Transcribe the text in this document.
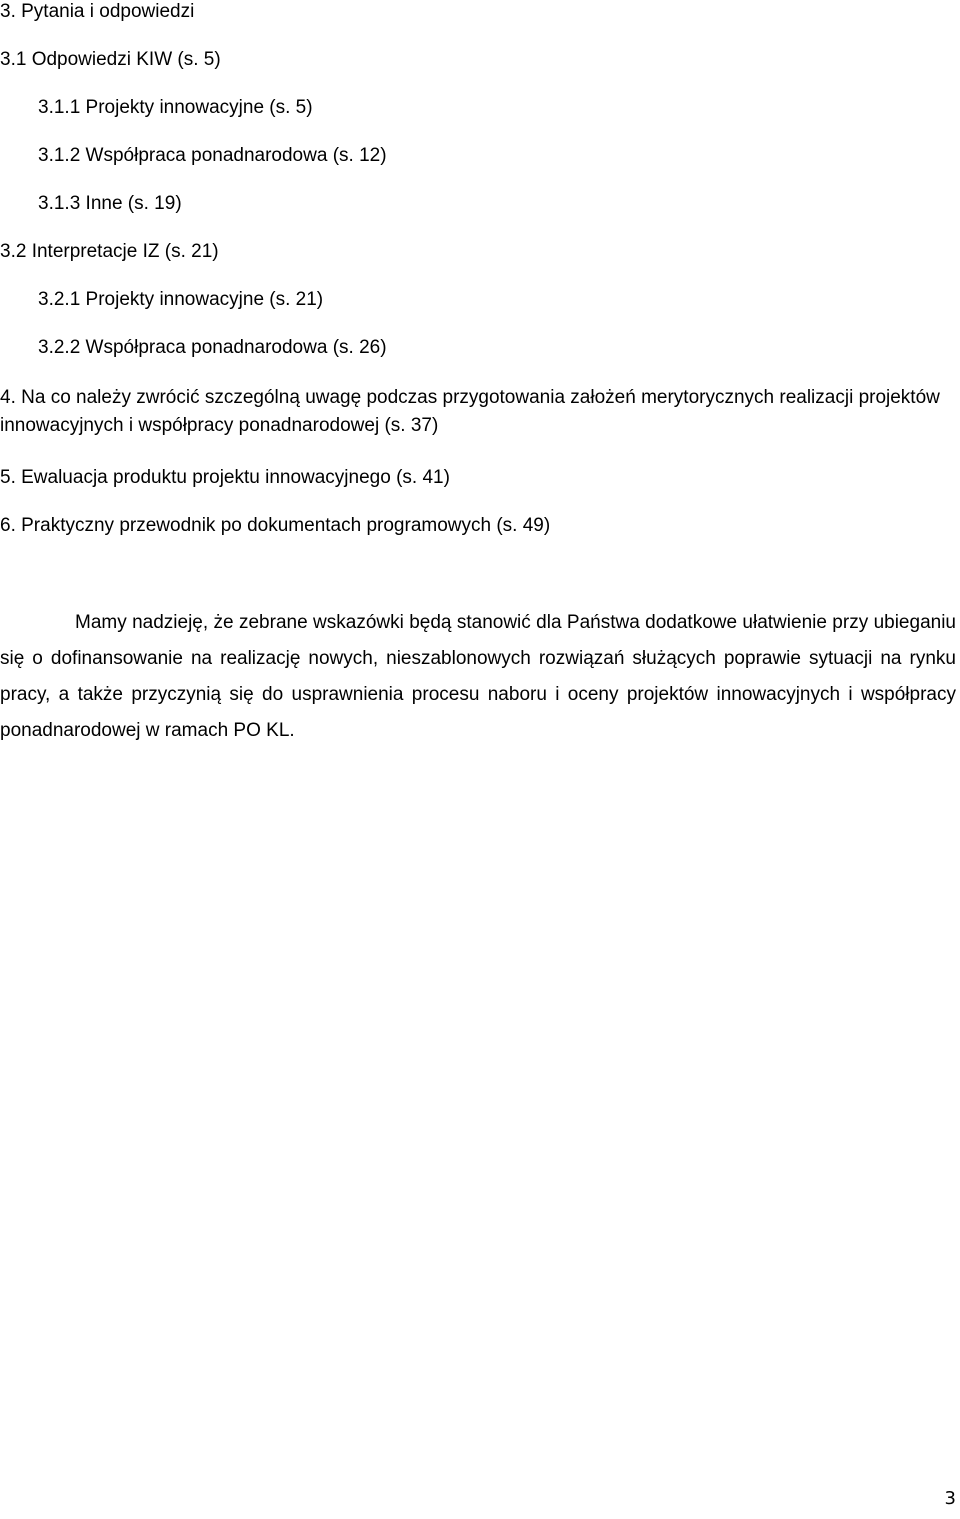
3. Pytania i odpowiedzi
3.1 Odpowiedzi KIW (s. 5)
3.1.1 Projekty innowacyjne (s. 5)
3.1.2 Współpraca ponadnarodowa (s. 12)
3.1.3 Inne (s. 19)
3.2 Interpretacje IZ (s. 21)
3.2.1 Projekty innowacyjne (s. 21)
3.2.2 Współpraca ponadnarodowa (s. 26)
4. Na co należy zwrócić szczególną uwagę podczas przygotowania założeń merytorycznych realizacji projektów innowacyjnych i współpracy ponadnarodowej (s. 37)
5. Ewaluacja produktu projektu innowacyjnego (s. 41)
6. Praktyczny przewodnik po dokumentach programowych (s. 49)

Mamy nadzieję, że zebrane wskazówki będą stanowić dla Państwa dodatkowe ułatwienie przy ubieganiu się o dofinansowanie na realizację nowych, nieszablonowych rozwiązań służących poprawie sytuacji na rynku pracy, a także przyczynią się do usprawnienia procesu naboru i oceny projektów innowacyjnych i współpracy ponadnarodowej w ramach PO KL.

3
